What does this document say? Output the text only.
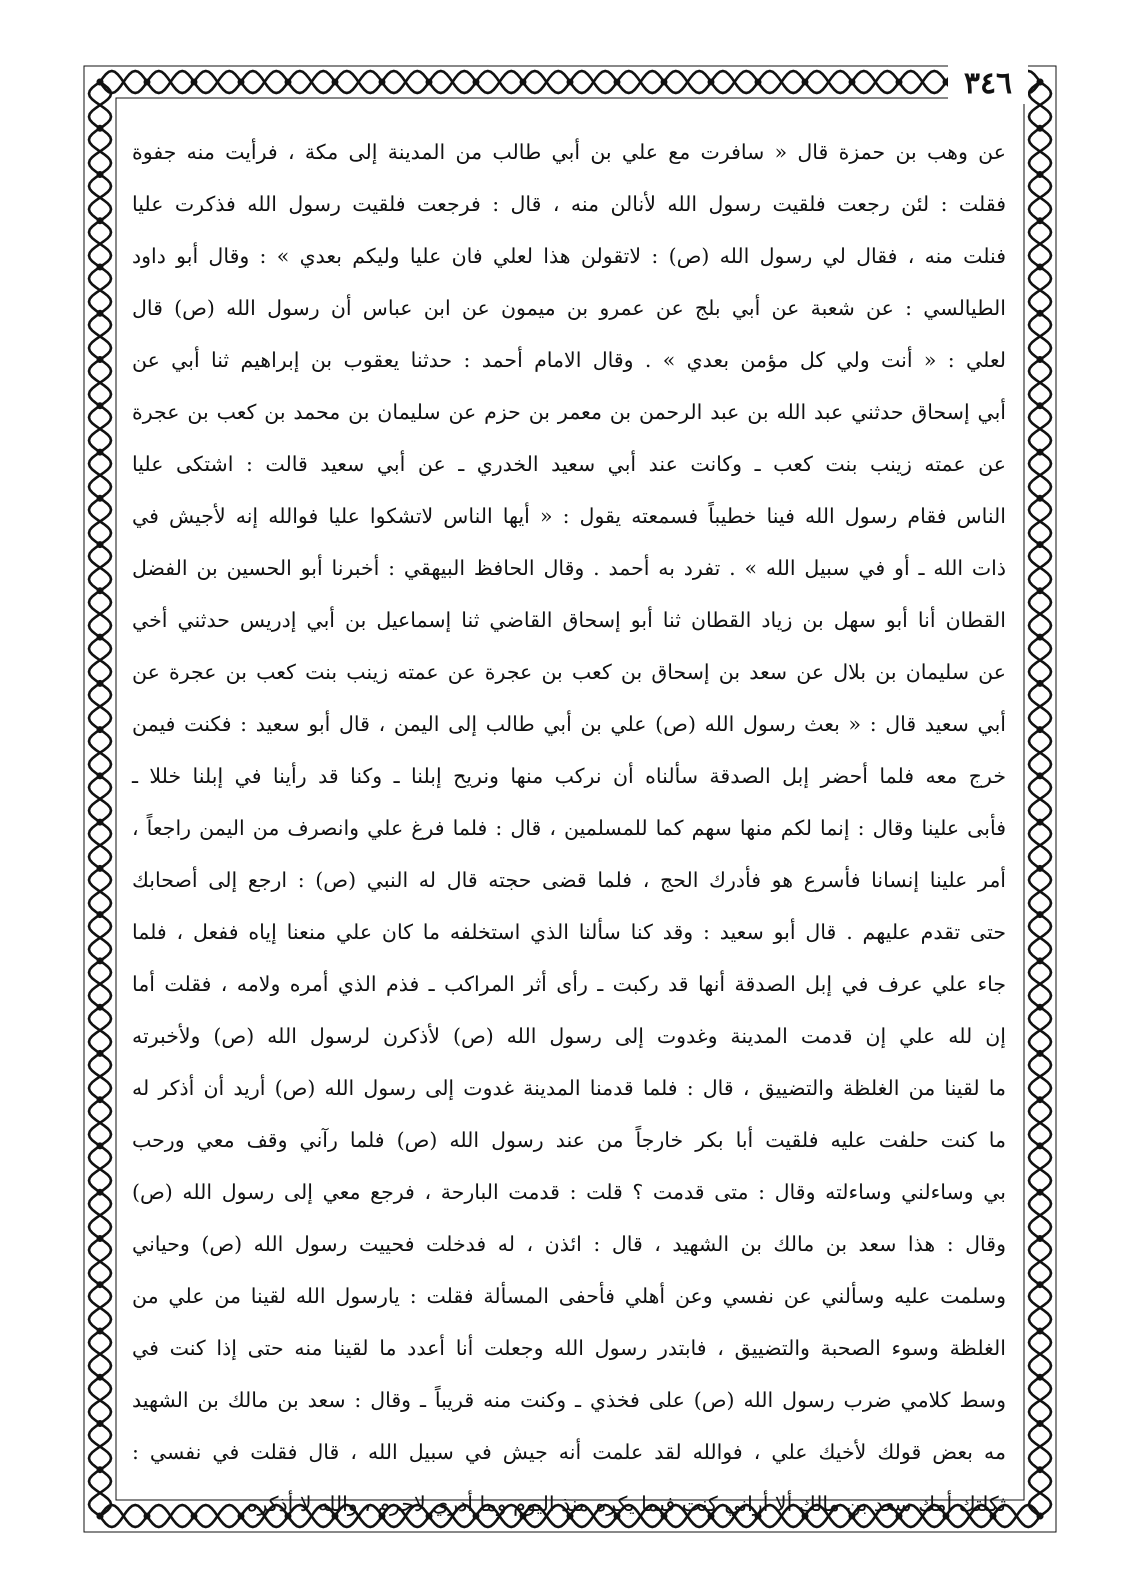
٣٤٦
عن وهب بن حمزة قال « سافرت مع علي بن أبي طالب من المدينة إلى مكة ، فرأيت منه جفوة
فقلت : لئن رجعت فلقيت رسول الله لأنالن منه ، قال : فرجعت فلقيت رسول الله فذكرت عليا
فنلت منه ، فقال لي رسول الله (ص) : لاتقولن هذا لعلي فان عليا وليكم بعدي » : وقال أبو داود
الطيالسي : عن شعبة عن أبي بلج عن عمرو بن ميمون عن ابن عباس أن رسول الله (ص) قال
لعلي : « أنت ولي كل مؤمن بعدي » . وقال الامام أحمد : حدثنا يعقوب بن إبراهيم ثنا أبي عن
أبي إسحاق حدثني عبد الله بن عبد الرحمن بن معمر بن حزم عن سليمان بن محمد بن كعب بن عجرة
عن عمته زينب بنت كعب ـ وكانت عند أبي سعيد الخدري ـ عن أبي سعيد قالت : اشتكى عليا
الناس فقام رسول الله فينا خطيباً فسمعته يقول : « أيها الناس لاتشكوا عليا فوالله إنه لأجيش في
ذات الله ـ أو في سبيل الله » . تفرد به أحمد . وقال الحافظ البيهقي : أخبرنا أبو الحسين بن الفضل
القطان أنا أبو سهل بن زياد القطان ثنا أبو إسحاق القاضي ثنا إسماعيل بن أبي إدريس حدثني أخي
عن سليمان بن بلال عن سعد بن إسحاق بن كعب بن عجرة عن عمته زينب بنت كعب بن عجرة عن
أبي سعيد قال : « بعث رسول الله (ص) علي بن أبي طالب إلى اليمن ، قال أبو سعيد : فكنت فيمن
خرج معه فلما أحضر إبل الصدقة سألناه أن نركب منها ونريح إبلنا ـ وكنا قد رأينا في إبلنا خللا ـ
فأبى علينا وقال : إنما لكم منها سهم كما للمسلمين ، قال : فلما فرغ علي وانصرف من اليمن راجعاً ،
أمر علينا إنسانا فأسرع هو فأدرك الحج ، فلما قضى حجته قال له النبي (ص) : ارجع إلى أصحابك
حتى تقدم عليهم . قال أبو سعيد : وقد كنا سألنا الذي استخلفه ما كان علي منعنا إياه ففعل ، فلما
جاء علي عرف في إبل الصدقة أنها قد ركبت ـ رأى أثر المراكب ـ فذم الذي أمره ولامه ، فقلت أما
إن لله علي إن قدمت المدينة وغدوت إلى رسول الله (ص) لأذكرن لرسول الله (ص) ولأخبرته
ما لقينا من الغلظة والتضييق ، قال : فلما قدمنا المدينة غدوت إلى رسول الله (ص) أريد أن أذكر له
ما كنت حلفت عليه فلقيت أبا بكر خارجاً من عند رسول الله (ص) فلما رآني وقف معي ورحب
بي وساءلني وساءلته وقال : متى قدمت ؟ قلت : قدمت البارحة ، فرجع معي إلى رسول الله (ص)
وقال : هذا سعد بن مالك بن الشهيد ، قال : ائذن ، له فدخلت فحييت رسول الله (ص) وحياني
وسلمت عليه وسألني عن نفسي وعن أهلي فأحفى المسألة فقلت : يارسول الله لقينا من علي من
الغلظة وسوء الصحبة والتضييق ، فابتدر رسول الله وجعلت أنا أعدد ما لقينا منه حتى إذا كنت في
وسط كلامي ضرب رسول الله (ص) على فخذي ـ وكنت منه قريباً ـ وقال : سعد بن مالك بن الشهيد
مه بعض قولك لأخيك علي ، فوالله لقد علمت أنه جيش في سبيل الله ، قال فقلت في نفسي :
ثكلتك أمك سعد بن مالك ألا أراني كنت فيما يكره منذ اليوم وما أدري لاجرم ، والله لا أذكره
